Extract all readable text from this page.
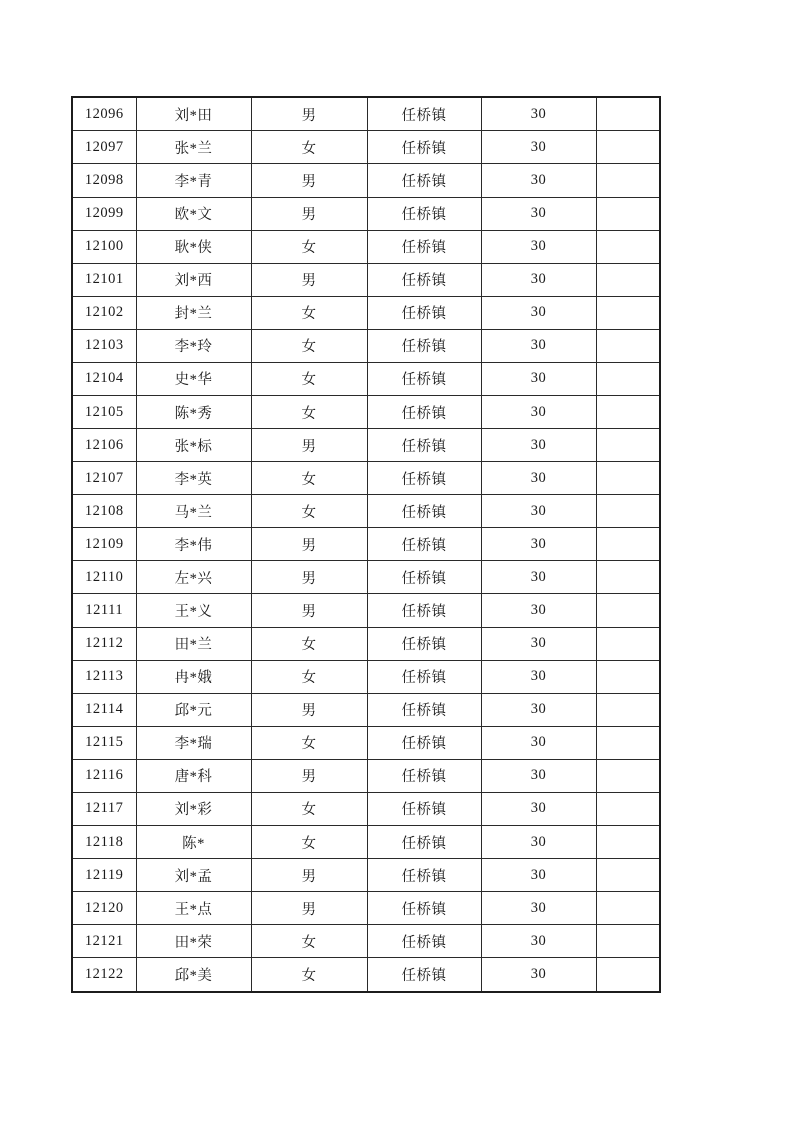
12096	刘*田	男	任桥镇	30	
12097	张*兰	女	任桥镇	30	
12098	李*青	男	任桥镇	30	
12099	欧*文	男	任桥镇	30	
12100	耿*侠	女	任桥镇	30	
12101	刘*西	男	任桥镇	30	
12102	封*兰	女	任桥镇	30	
12103	李*玲	女	任桥镇	30	
12104	史*华	女	任桥镇	30	
12105	陈*秀	女	任桥镇	30	
12106	张*标	男	任桥镇	30	
12107	李*英	女	任桥镇	30	
12108	马*兰	女	任桥镇	30	
12109	李*伟	男	任桥镇	30	
12110	左*兴	男	任桥镇	30	
12111	王*义	男	任桥镇	30	
12112	田*兰	女	任桥镇	30	
12113	冉*娥	女	任桥镇	30	
12114	邱*元	男	任桥镇	30	
12115	李*瑞	女	任桥镇	30	
12116	唐*科	男	任桥镇	30	
12117	刘*彩	女	任桥镇	30	
12118	陈*	女	任桥镇	30	
12119	刘*孟	男	任桥镇	30	
12120	王*点	男	任桥镇	30	
12121	田*荣	女	任桥镇	30	
12122	邱*美	女	任桥镇	30	
